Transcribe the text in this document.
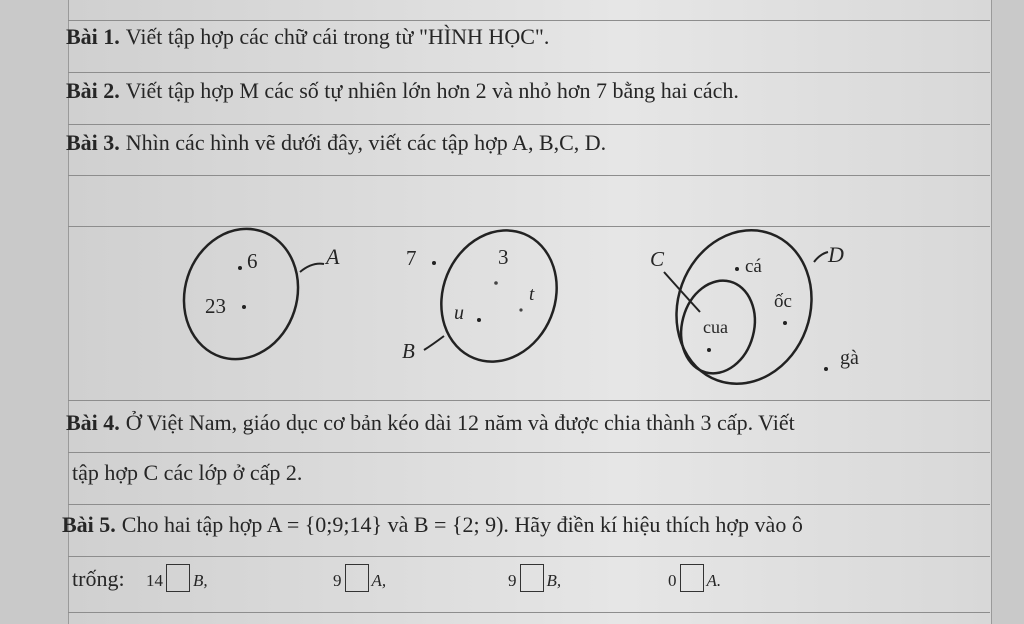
Bài 1. Viết tập hợp các chữ cái trong từ "HÌNH HỌC".
Bài 2. Viết tập hợp M các số tự nhiên lớn hơn 2 và nhỏ hơn 7 bằng hai cách.
Bài 3. Nhìn các hình vẽ dưới đây, viết các tập hợp A, B,C, D.
6
23
A	7	3
u
t
B
C	cá
ốc
cua
D
gà
Bài 4. Ở Việt Nam, giáo dục cơ bản kéo dài 12 năm và được chia thành 3 cấp. Viết
tập hợp C các lớp ở cấp 2.
Bài 5. Cho hai tập hợp A = {0;9;14} và B = {2; 9). Hãy điền kí hiệu thích hợp vào ô
trống: 14 B,	9 A,	9 B,	0 A.
